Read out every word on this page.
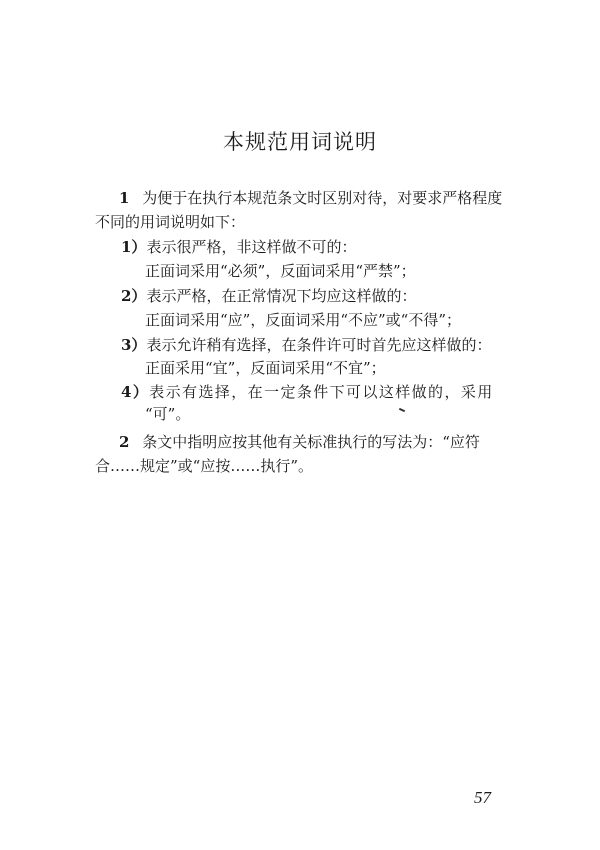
本规范用词说明
1 为便于在执行本规范条文时区别对待，对要求严格程度
不同的用词说明如下：
1）表示很严格，非这样做不可的：
正面词采用“必须”，反面词采用“严禁”；
2）表示严格，在正常情况下均应这样做的：
正面词采用“应”，反面词采用“不应”或“不得”；
3）表示允许稍有选择，在条件许可时首先应这样做的：
正面采用“宜”，反面词采用“不宜”；
4）表示有选择，在一定条件下可以这样做的，采用
“可”。
2 条文中指明应按其他有关标准执行的写法为：“应符
合……规定”或“应按……执行”。
57
